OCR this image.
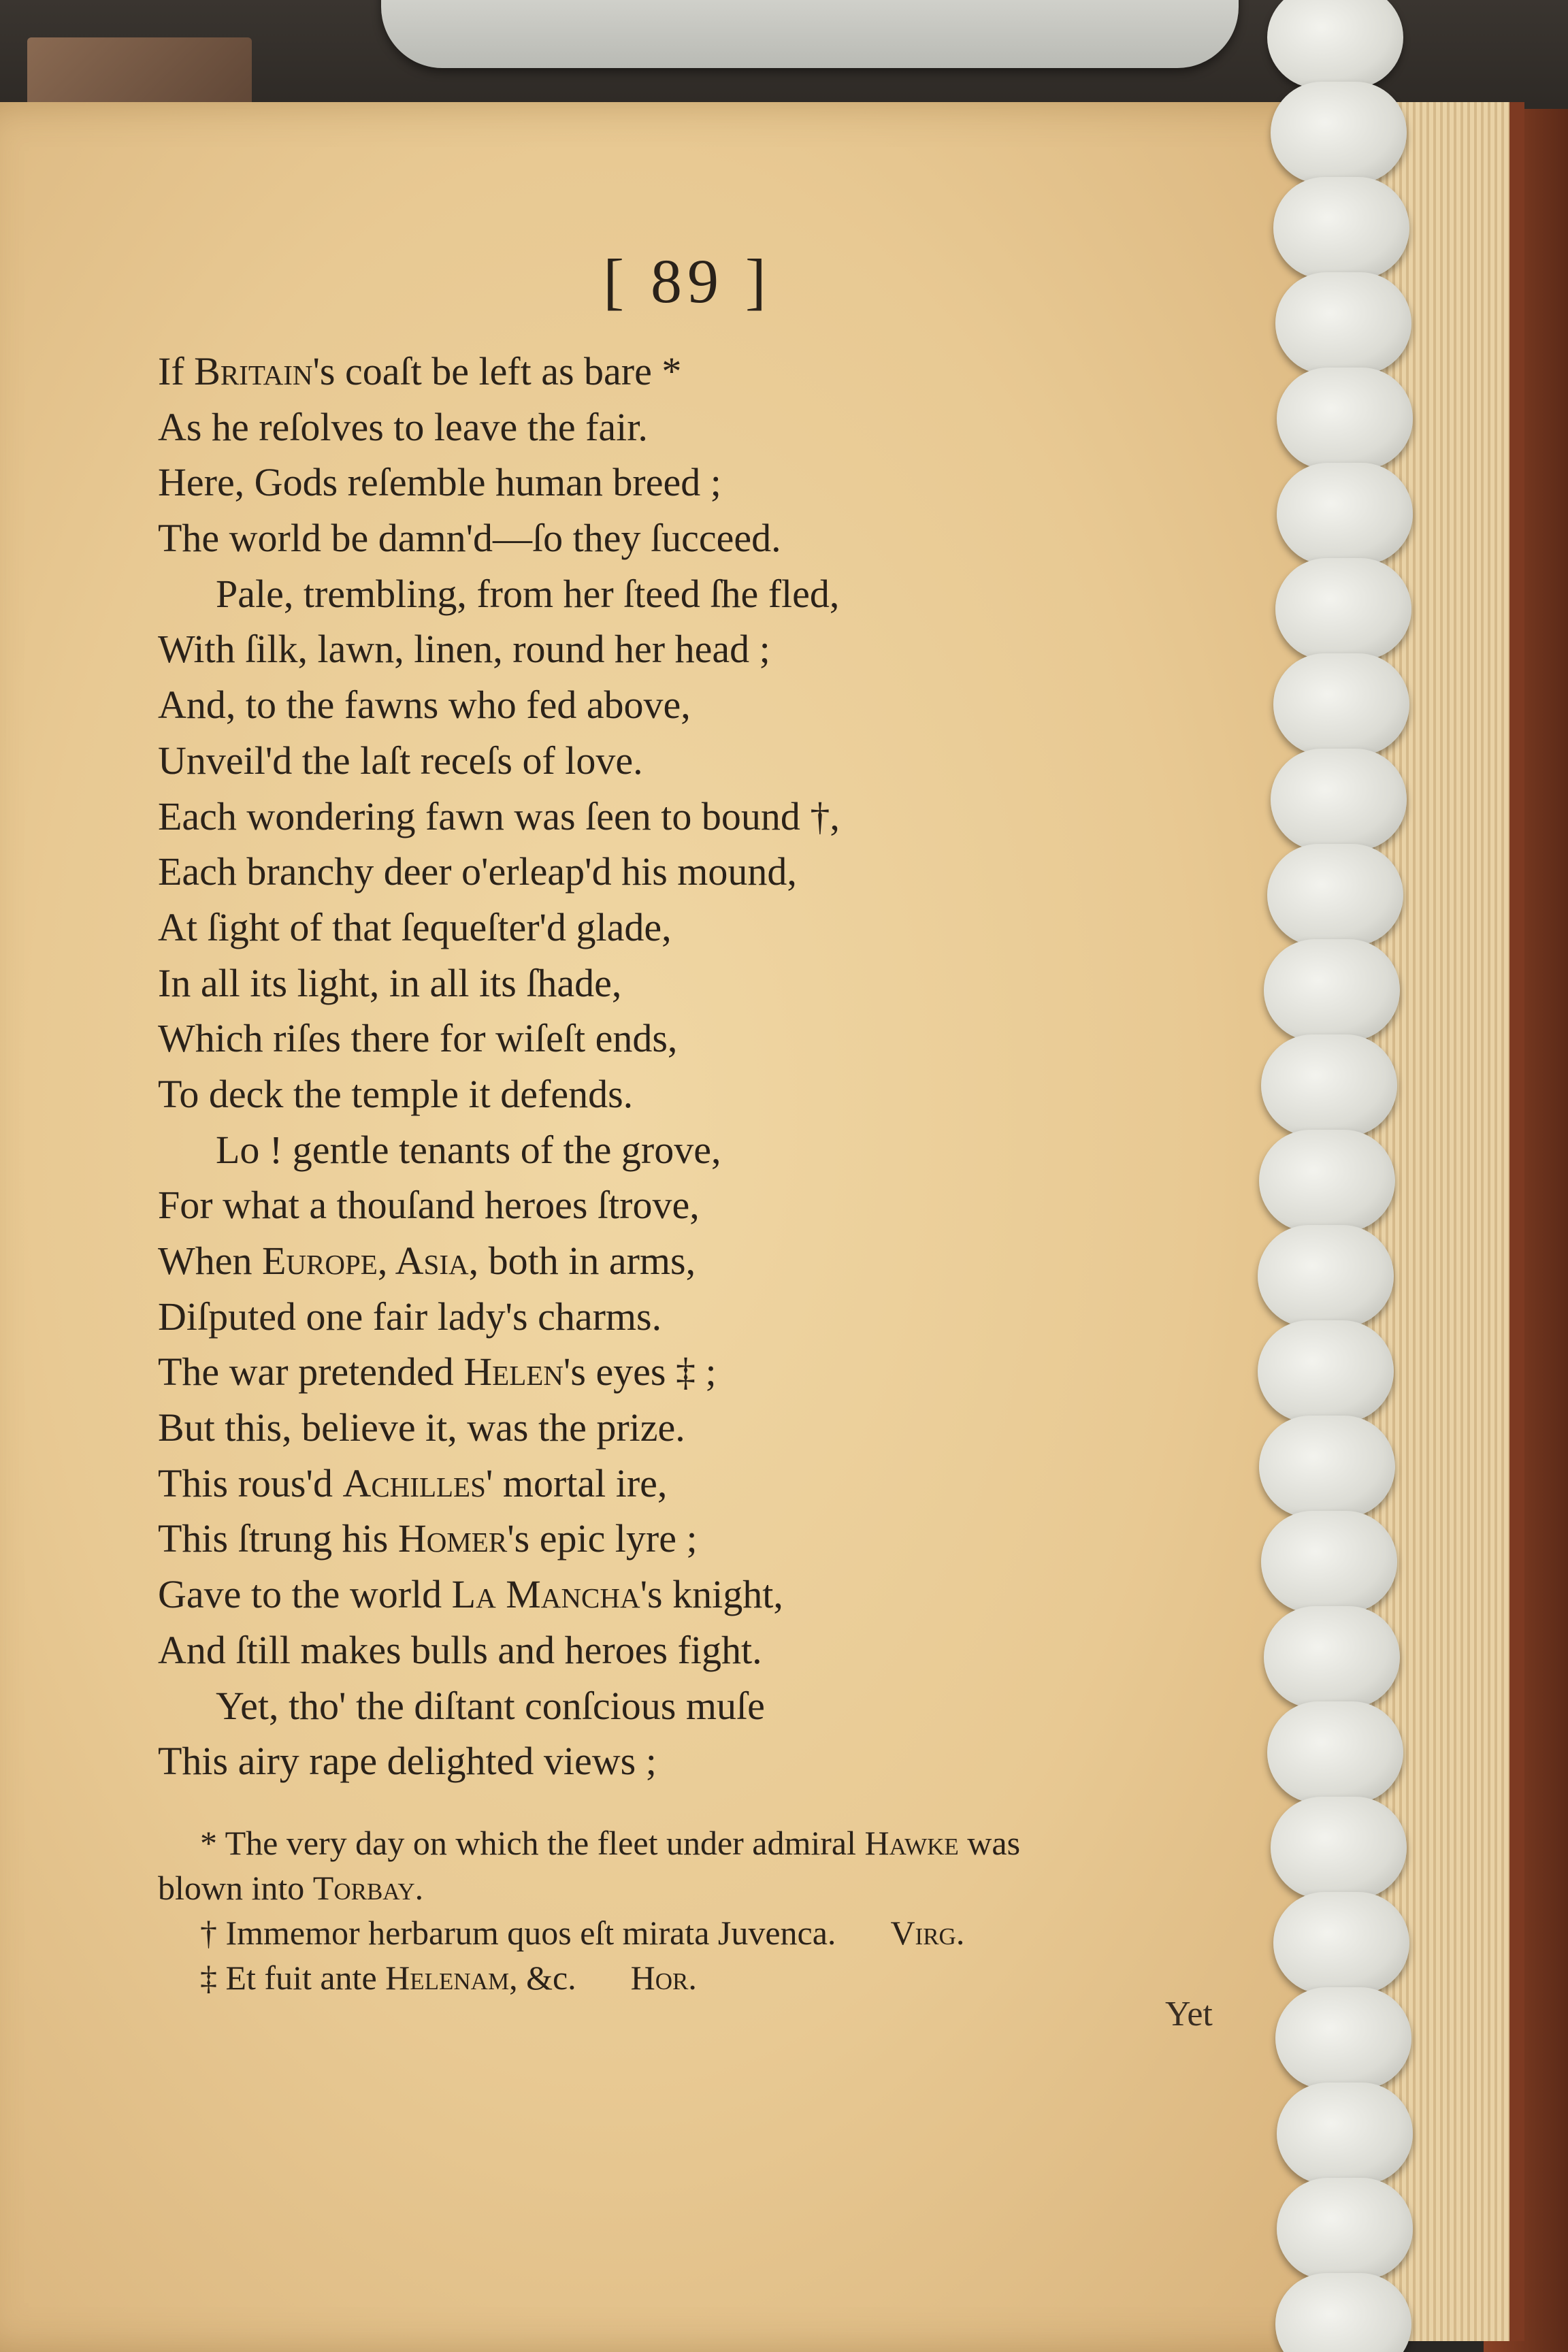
[ 89 ]
If Britain's coaſt be left as bare *
As he reſolves to leave the fair.
Here, Gods reſemble human breed ;
The world be damn'd—ſo they ſucceed.
Pale, trembling, from her ſteed ſhe fled,
With ſilk, lawn, linen, round her head ;
And, to the fawns who fed above,
Unveil'd the laſt receſs of love.
Each wondering fawn was ſeen to bound †,
Each branchy deer o'erleap'd his mound,
At ſight of that ſequeſter'd glade,
In all its light, in all its ſhade,
Which riſes there for wiſeſt ends,
To deck the temple it defends.
Lo ! gentle tenants of the grove,
For what a thouſand heroes ſtrove,
When Europe, Asia, both in arms,
Diſputed one fair lady's charms.
The war pretended Helen's eyes ‡ ;
But this, believe it, was the prize.
This rous'd Achilles' mortal ire,
This ſtrung his Homer's epic lyre ;
Gave to the world La Mancha's knight,
And ſtill makes bulls and heroes fight.
Yet, tho' the diſtant conſcious muſe
This airy rape delighted views ;
* The very day on which the fleet under admiral Hawke was
blown into Torbay.
† Immemor herbarum quos eſt mirata Juvenca. Virg.
‡ Et fuit ante Helenam, &c. Hor.
Yet
